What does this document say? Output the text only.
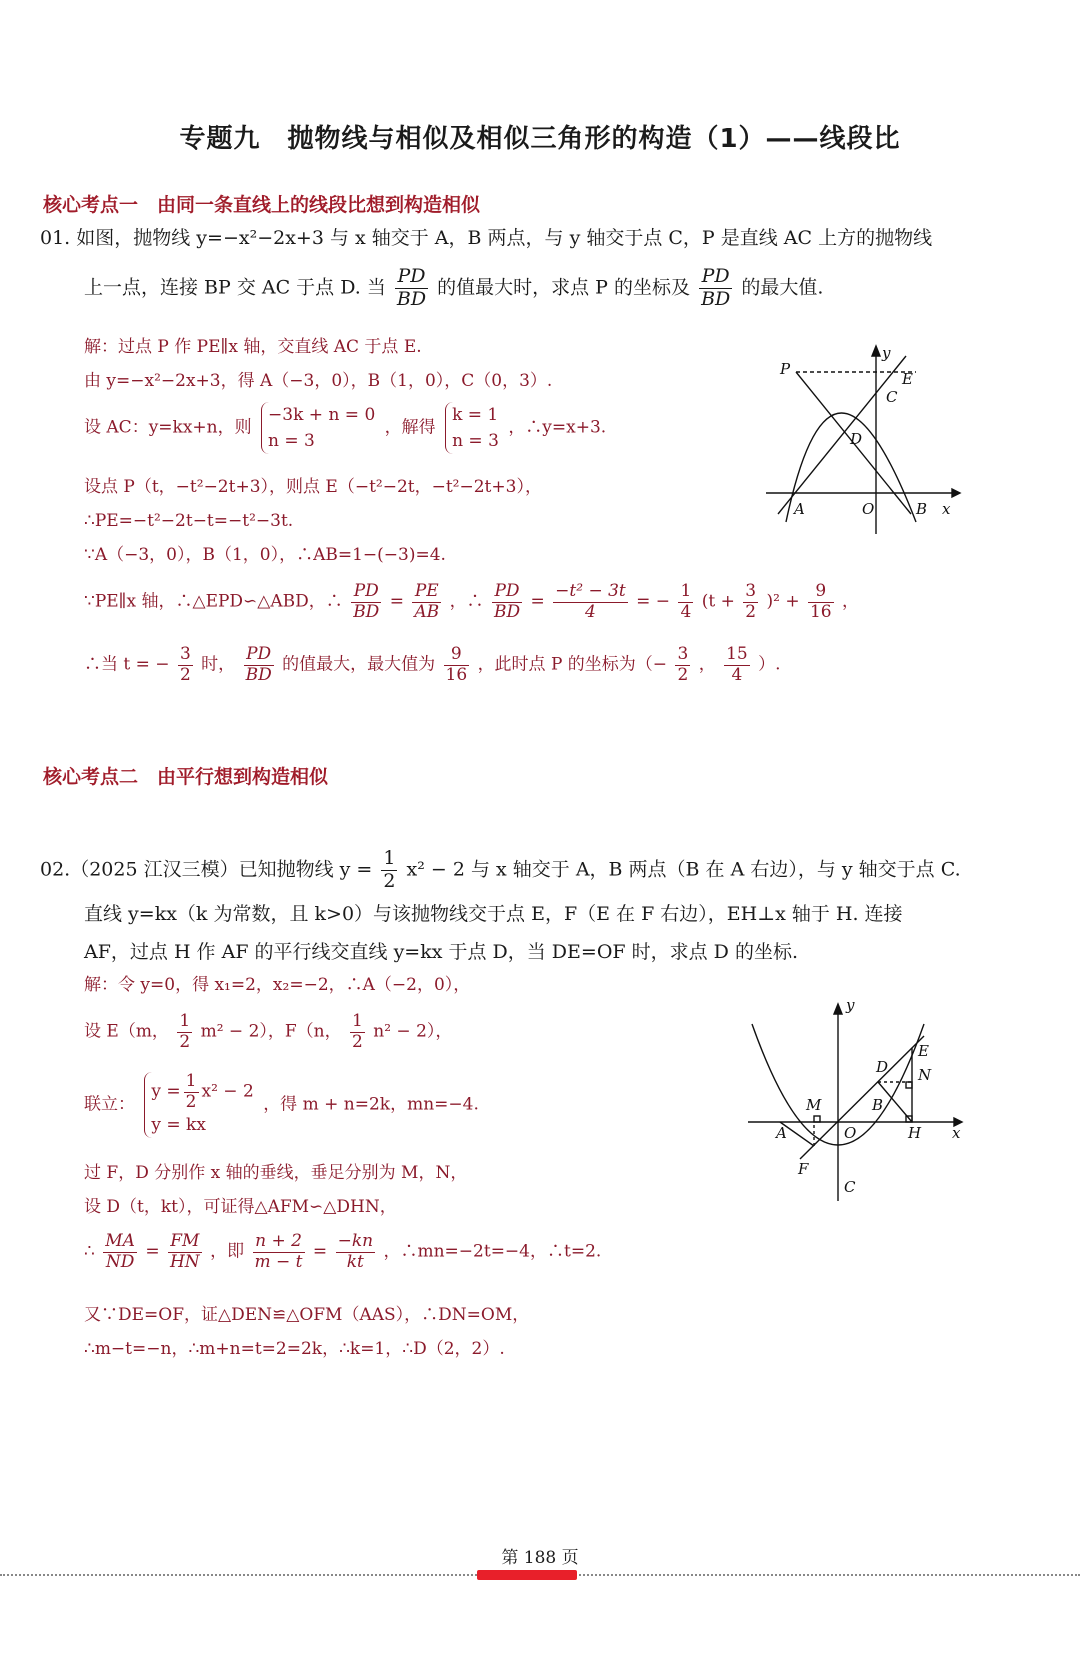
专题九　抛物线与相似及相似三角形的构造（1）——线段比
核心考点一　由同一条直线上的线段比想到构造相似
01. 如图，抛物线 y=−x²−2x+3 与 x 轴交于 A，B 两点，与 y 轴交于点 C，P 是直线 AC 上方的抛物线
上一点，连接 BP 交 AC 于点 D. 当 $\frac{PD}{BD}$ 的值最大时，求点 P 的坐标及 $\frac{PD}{BD}$ 的最大值.
解：过点 P 作 PE∥x 轴，交直线 AC 于点 E.
由 y=−x²−2x+3，得 A（−3，0），B（1，0），C（0，3）.
设 AC：y=kx+n，则
−3k + n = 0
n = 3
，解得
k = 1
n = 3
，∴y=x+3.
设点 P（t，−t²−2t+3），则点 E（−t²−2t，−t²−2t+3），
∴PE=−t²−2t−t=−t²−3t.
∵A（−3，0），B（1，0），∴AB=1−(−3)=4.
∵PE∥x 轴，∴△EPD∽△ABD，∴ $\frac{PD}{BD} = \frac{PE}{AB}$ ，∴ $\frac{PD}{BD} = \frac{\text{−t² − 3t}}{4}$ = − $\frac{1}{4} (t + \frac{3}{2} )^2 + \frac{9}{16}$ ，
∴当 t = − $\frac{3}{2}$ 时， $\frac{PD}{BD}$ 的值最大，最大值为 $\frac{9}{16}$ ，此时点 P 的坐标为（− $\frac{3}{2}$ ， $\frac{15}{4}$ ）.
P
E
C
D
A	O	B x
y
核心考点二　由平行想到构造相似
02.（2025 江汉三模）已知抛物线 $y = \frac{1}{2} x^2 - 2$ 与 x 轴交于 A，B 两点（B 在 A 右边），与 y 轴交于点 C.
直线 y=kx（k 为常数，且 k>0）与该抛物线交于点 E，F（E 在 F 右边），EH⊥x 轴于 H. 连接
AF，过点 H 作 AF 的平行线交直线 y=kx 于点 D，当 DE=OF 时，求点 D 的坐标.
解：令 y=0，得 x₁=2，x₂=−2，∴A（−2，0），
设 E（m， $\frac{1}{2} m^2 - 2$），F（n， $\frac{1}{2} n^2 - 2$），
联立：
$y = \frac{1}{2} x^2 - 2$
y = kx
，得 m + n=2k，mn=−4.
过 F，D 分别作 x 轴的垂线，垂足分别为 M，N，
设 D（t，kt），可证得△AFM∽△DHN，
∴ $\frac{MA}{ND} = \frac{FM}{HN}$ ，即 $\frac{n + 2}{m - t} = \frac{-kn}{kt}$ ，∴mn=−2t=−4，∴t=2.
又∵DE=OF，证△DEN≌△OFM（AAS），∴DN=OM，
∴m−t=−n，∴m+n=t=2=2k，∴k=1，∴D（2，2）.
y
D
E
N
M	B
A	O	H x
F
C
第 188 页
